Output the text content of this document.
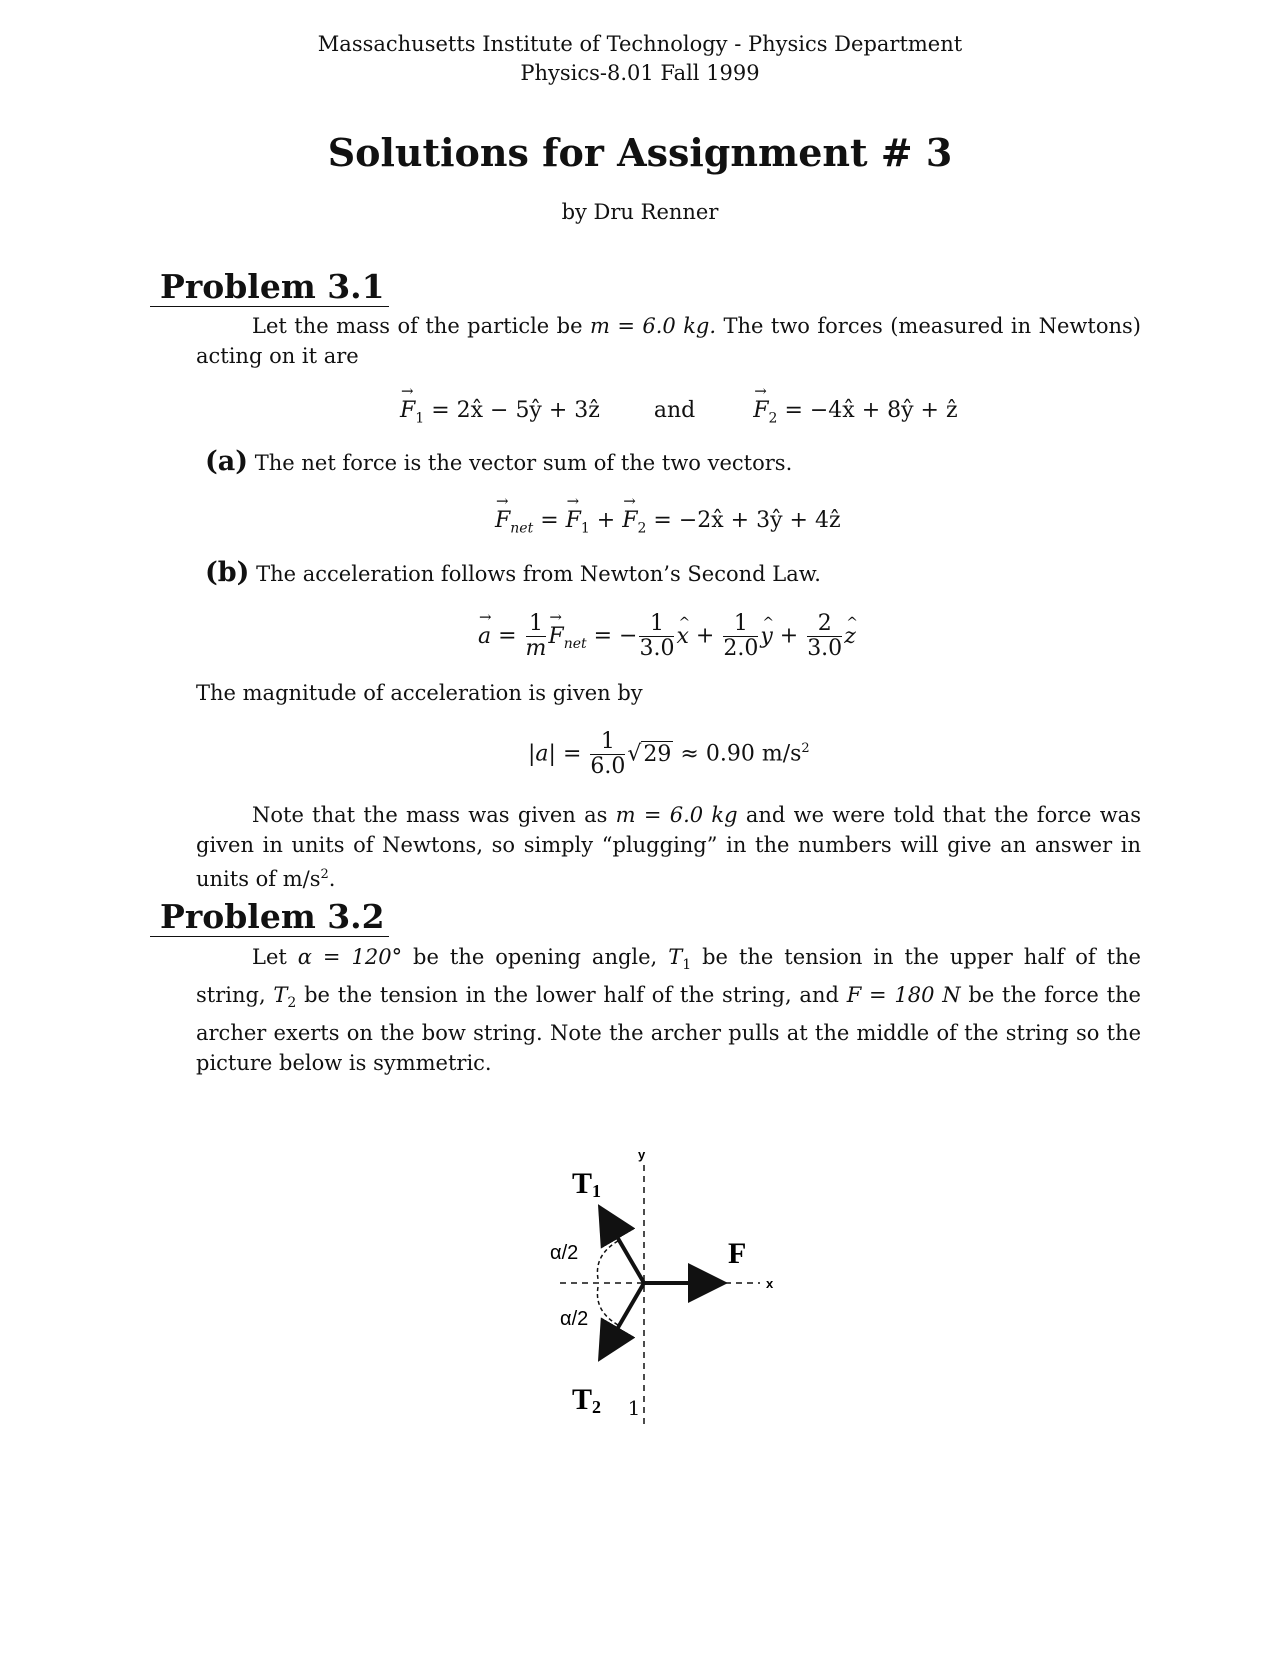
Massachusetts Institute of Technology - Physics Department
Physics-8.01 Fall 1999
Solutions for Assignment # 3
by Dru Renner
Problem 3.1
Let the mass of the particle be m = 6.0 kg. The two forces (measured in Newtons) acting on it are
→ $F_1$ = 2x̂ − 5ŷ + 3ẑ and  →	$F_2$ = −4x̂ + 8ŷ + ẑ
(a) The net force is the vector sum of the two vectors.
→ $F_{net}$ = → $F_1$ + → $F_2$ = −2x̂ + 3ŷ + 4ẑ
(b) The acceleration follows from Newton’s Second Law.
→ $a = \frac{1}{m}$
→ $F_{net}$ = − $\frac{1}{3.0}$
^ $x + \frac{1}{2.0}$
^ $y + \frac{2}{3.0}$
^ z
The magnitude of acceleration is given by
$|a| = \frac{1}{6.0} √29 \approx 0.90$ $m/s^2$
Note that the mass was given as m = 6.0 kg and we were told that the force was given in units of Newtons, so simply “plugging” in the numbers will give an answer in units of $m/s^2$.
Problem 3.2
Let α = 120° be the opening angle, $T_1$ be the tension in the upper half of the string, $T_2$ be the tension in the lower half of the string, and F = 180 N be the force the archer exerts on the bow string. Note the archer pulls at the middle of the string so the picture below is symmetric.
y
x
T1
T2
F
α/2
α/2
1
